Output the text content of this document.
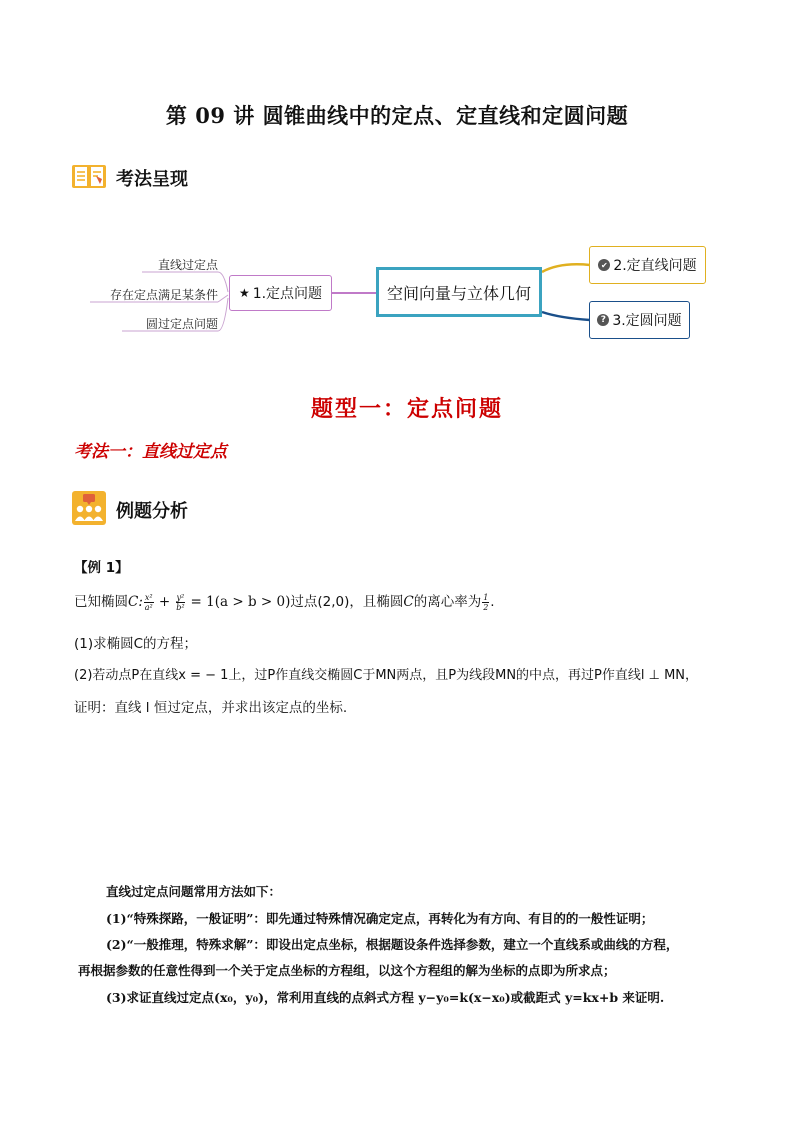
第 09 讲 圆锥曲线中的定点、定直线和定圆问题
考法呈现
直线过定点
存在定点满足某条件
圆过定点问题
★ 1.定点问题	空间向量与立体几何
✔ 2.定直线问题
? 3.定圆问题
题型一：定点问题
考法一：直线过定点
例题分析
【例 1】
已知椭圆C: $\frac{\text{x²}}{\text{a²}} + \frac{\text{y²}}{\text{b²}} = 1(a > b > 0)$过点(2,0)，且椭圆C的离心率为 $\frac{1}{2}$ .
(1)求椭圆C的方程；
(2)若动点P在直线x = − 1上，过P作直线交椭圆C于MN两点，且P为线段MN的中点，再过P作直线l ⊥ MN，
证明：直线 l 恒过定点，并求出该定点的坐标.
直线过定点问题常用方法如下：
(1)“特殊探路，一般证明”：即先通过特殊情况确定定点，再转化为有方向、有目的的一般性证明；
(2)“一般推理，特殊求解”：即设出定点坐标，根据题设条件选择参数，建立一个直线系或曲线的方程，
再根据参数的任意性得到一个关于定点坐标的方程组，以这个方程组的解为坐标的点即为所求点；
(3)求证直线过定点(x₀，y₀)，常利用直线的点斜式方程 y−y₀=k(x−x₀)或截距式 y=kx+b 来证明.
